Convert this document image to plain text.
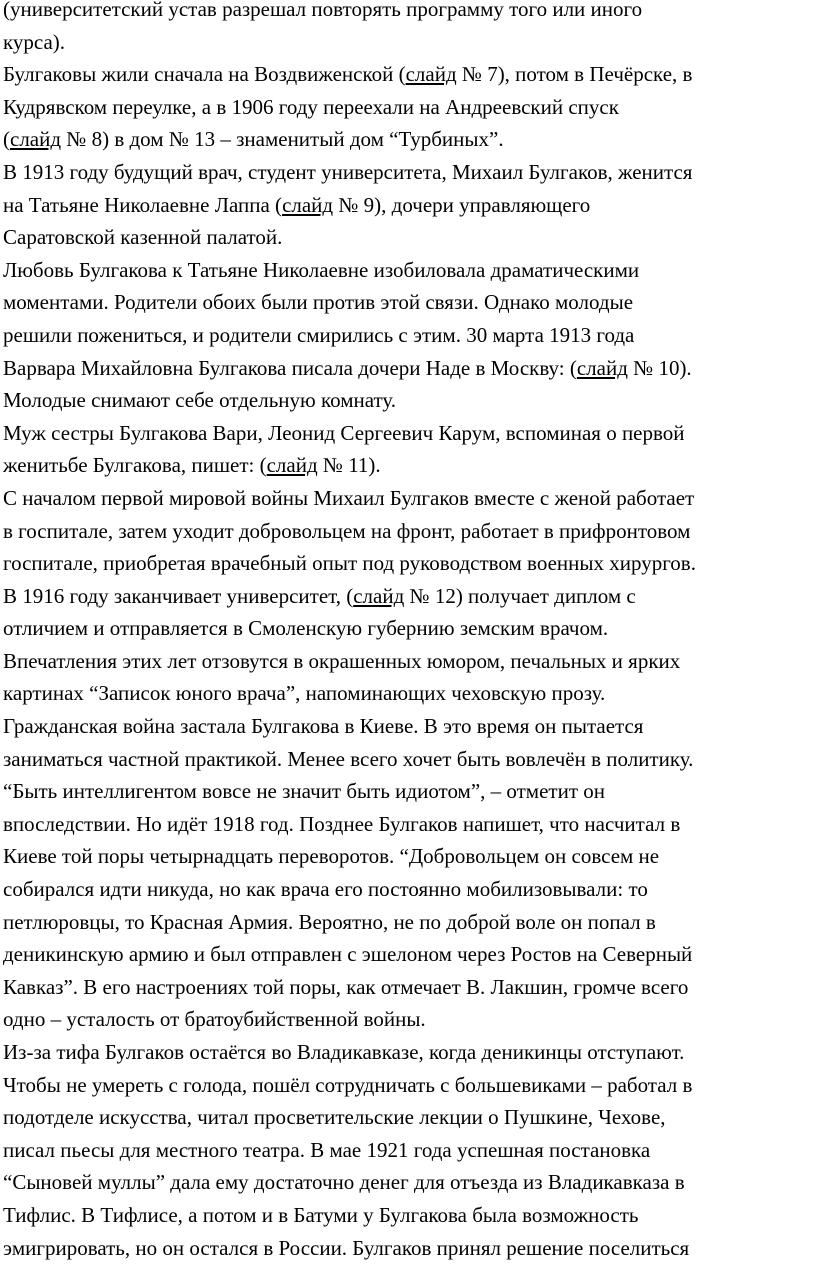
(университетский устав разрешал повторять программу того или иного
курса).
Булгаковы жили сначала на Воздвиженской (слайд № 7), потом в Печёрске, в
Кудрявском переулке, а в 1906 году переехали на Андреевский спуск
(слайд № 8) в дом № 13 – знаменитый дом “Турбиных”.
В 1913 году будущий врач, студент университета, Михаил Булгаков, женится
на Татьяне Николаевне Лаппа (слайд № 9), дочери управляющего
Саратовской казенной палатой.
Любовь Булгакова к Татьяне Николаевне изобиловала драматическими
моментами. Родители обоих были против этой связи. Однако молодые
решили пожениться, и родители смирились с этим. 30 марта 1913 года
Варвара Михайловна Булгакова писала дочери Наде в Москву: (слайд № 10).
Молодые снимают себе отдельную комнату.
Муж сестры Булгакова Вари, Леонид Сергеевич Карум, вспоминая о первой
женитьбе Булгакова, пишет: (слайд № 11).
С началом первой мировой войны Михаил Булгаков вместе с женой работает
в госпитале, затем уходит добровольцем на фронт, работает в прифронтовом
госпитале, приобретая врачебный опыт под руководством военных хирургов.
В 1916 году заканчивает университет, (слайд № 12) получает диплом с
отличием и отправляется в Смоленскую губернию земским врачом.
Впечатления этих лет отзовутся в окрашенных юмором, печальных и ярких
картинах “Записок юного врача”, напоминающих чеховскую прозу.
Гражданская война застала Булгакова в Киеве. В это время он пытается
заниматься частной практикой. Менее всего хочет быть вовлечён в политику.
“Быть интеллигентом вовсе не значит быть идиотом”, – отметит он
впоследствии. Но идёт 1918 год. Позднее Булгаков напишет, что насчитал в
Киеве той поры четырнадцать переворотов. “Добровольцем он совсем не
собирался идти никуда, но как врача его постоянно мобилизовывали: то
петлюровцы, то Красная Армия. Вероятно, не по доброй воле он попал в
деникинскую армию и был отправлен с эшелоном через Ростов на Северный
Кавказ”. В его настроениях той поры, как отмечает В. Лакшин, громче всего
одно – усталость от братоубийственной войны.
Из-за тифа Булгаков остаётся во Владикавказе, когда деникинцы отступают.
Чтобы не умереть с голода, пошёл сотрудничать с большевиками – работал в
подотделе искусства, читал просветительские лекции о Пушкине, Чехове,
писал пьесы для местного театра. В мае 1921 года успешная постановка
“Сыновей муллы” дала ему достаточно денег для отъезда из Владикавказа в
Тифлис. В Тифлисе, а потом и в Батуми у Булгакова была возможность
эмигрировать, но он остался в России. Булгаков принял решение поселиться
